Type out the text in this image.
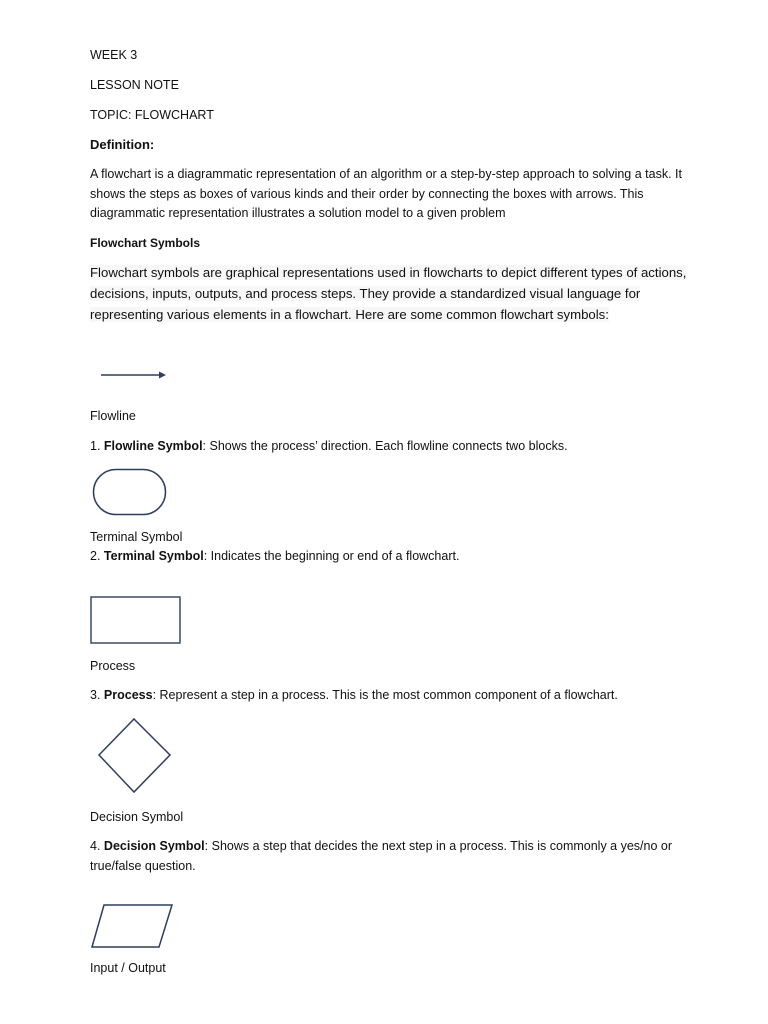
WEEK 3
LESSON NOTE
TOPIC: FLOWCHART
Definition:
A flowchart is a diagrammatic representation of an algorithm or a step-by-step approach to solving a task. It shows the steps as boxes of various kinds and their order by connecting the boxes with arrows. This diagrammatic representation illustrates a solution model to a given problem
Flowchart Symbols
Flowchart symbols are graphical representations used in flowcharts to depict different types of actions, decisions, inputs, outputs, and process steps. They provide a standardized visual language for representing various elements in a flowchart. Here are some common flowchart symbols:
Flowline
1. Flowline Symbol: Shows the process’ direction. Each flowline connects two blocks.
Terminal Symbol
2. Terminal Symbol: Indicates the beginning or end of a flowchart.
Process
3. Process: Represent a step in a process. This is the most common component of a flowchart.
Decision Symbol
4. Decision Symbol: Shows a step that decides the next step in a process. This is commonly a yes/no or true/false question.
Input / Output
